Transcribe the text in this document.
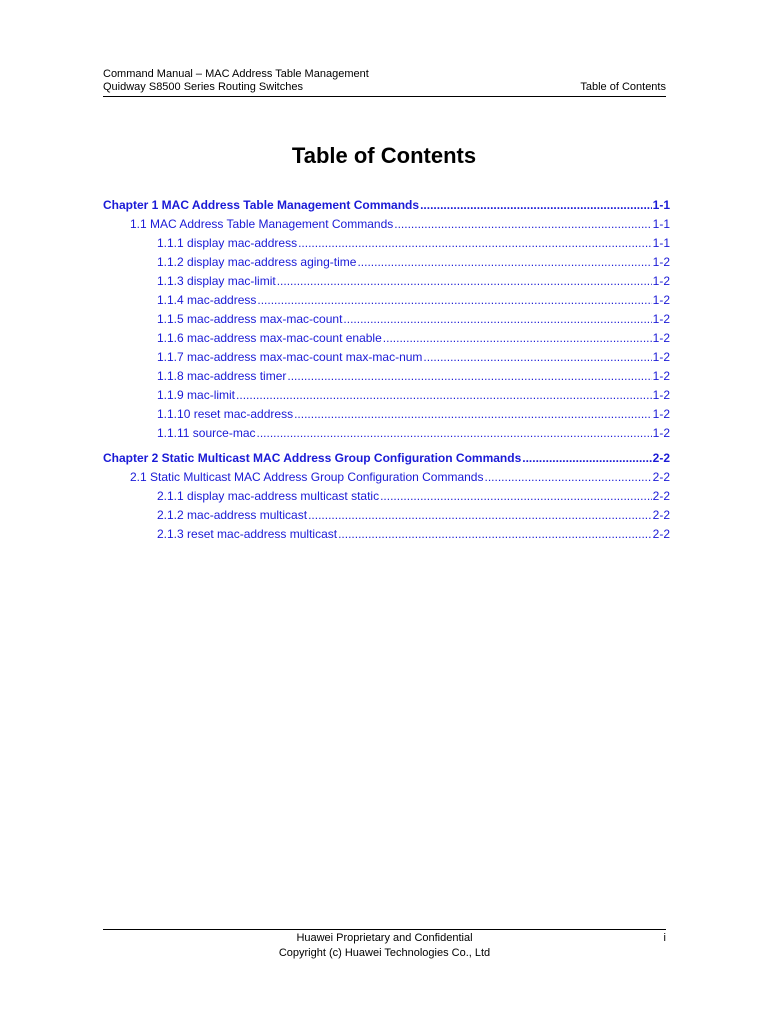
Command Manual – MAC Address Table Management
Quidway S8500 Series Routing Switches	Table of Contents
Table of Contents
Chapter 1 MAC Address Table Management Commands .....	1-1
1.1 MAC Address Table Management Commands .....	1-1
1.1.1 display mac-address .....	1-1
1.1.2 display mac-address aging-time .....	1-2
1.1.3 display mac-limit .....	1-2
1.1.4 mac-address .....	1-2
1.1.5 mac-address max-mac-count .....	1-2
1.1.6 mac-address max-mac-count enable .....	1-2
1.1.7 mac-address max-mac-count max-mac-num .....	1-2
1.1.8 mac-address timer .....	1-2
1.1.9 mac-limit .....	1-2
1.1.10 reset mac-address .....	1-2
1.1.11 source-mac .....	1-2
Chapter 2 Static Multicast MAC Address Group Configuration Commands .....	2-2
2.1 Static Multicast MAC Address Group Configuration Commands .....	2-2
2.1.1 display mac-address multicast static .....	2-2
2.1.2 mac-address multicast .....	2-2
2.1.3 reset mac-address multicast .....	2-2
Huawei Proprietary and Confidential
Copyright (c) Huawei Technologies Co., Ltd
i
